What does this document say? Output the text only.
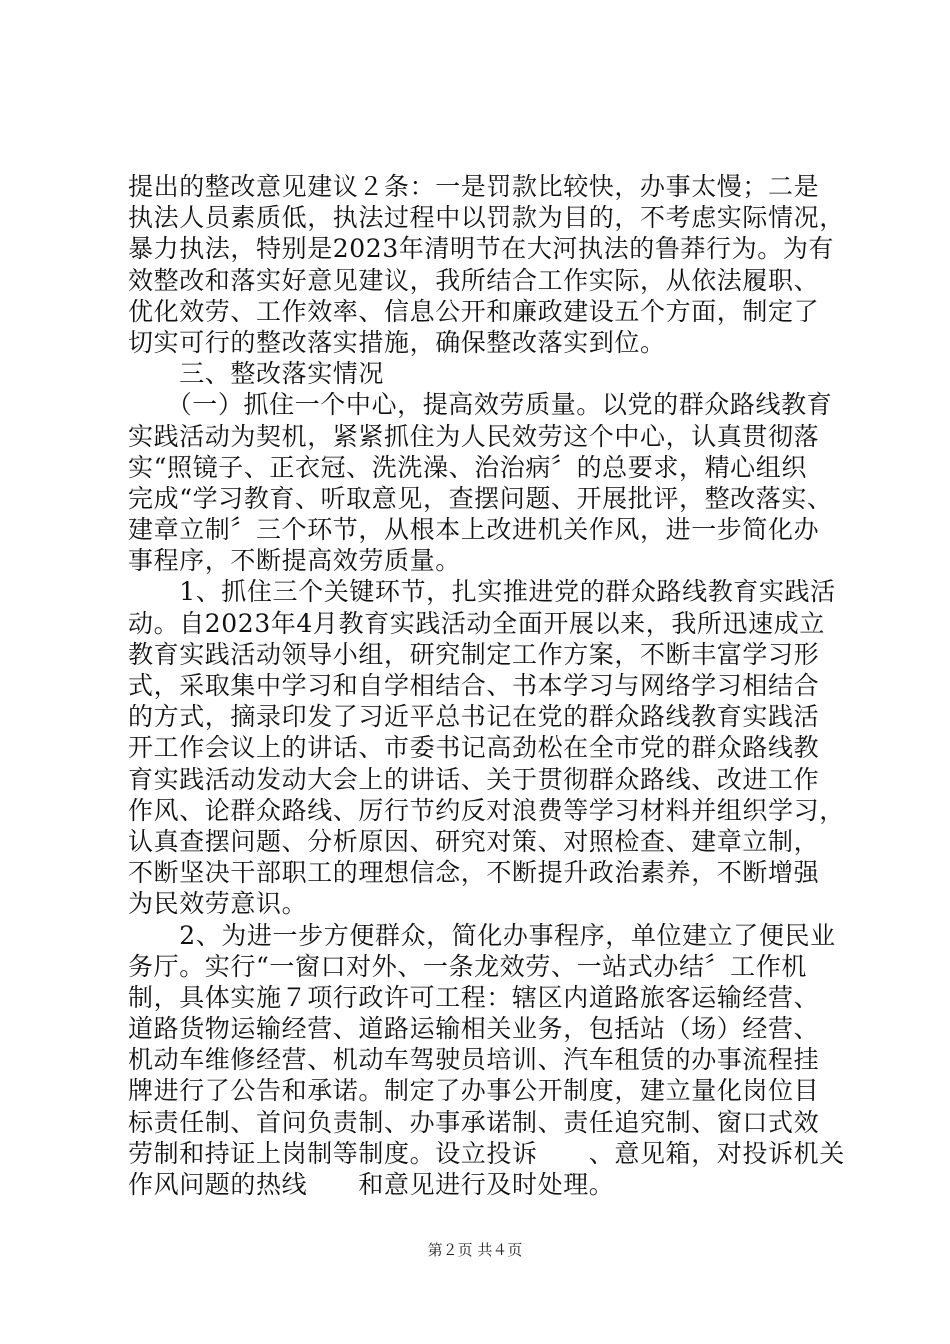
提出的整改意见建议２条：一是罚款比较快，办事太慢；二是
执法人员素质低，执法过程中以罚款为目的，不考虑实际情况，
暴力执法，特别是2023年清明节在大河执法的鲁莽行为。为有
效整改和落实好意见建议，我所结合工作实际，从依法履职、
优化效劳、工作效率、信息公开和廉政建设五个方面，制定了
切实可行的整改落实措施，确保整改落实到位。
　　三、整改落实情况
　　（一）抓住一个中心，提高效劳质量。以党的群众路线教育
实践活动为契机，紧紧抓住为人民效劳这个中心，认真贯彻落
实“照镜子、正衣冠、洗洗澡、治治病〞的总要求，精心组织
完成“学习教育、听取意见，查摆问题、开展批评，整改落实、
建章立制〞三个环节，从根本上改进机关作风，进一步简化办
事程序，不断提高效劳质量。
　　1、抓住三个关键环节，扎实推进党的群众路线教育实践活
动。自2023年4月教育实践活动全面开展以来，我所迅速成立
教育实践活动领导小组，研究制定工作方案，不断丰富学习形
式，采取集中学习和自学相结合、书本学习与网络学习相结合
的方式，摘录印发了习近平总书记在党的群众路线教育实践活
开工作会议上的讲话、市委书记高劲松在全市党的群众路线教
育实践活动发动大会上的讲话、关于贯彻群众路线、改进工作
作风、论群众路线、厉行节约反对浪费等学习材料并组织学习，
认真查摆问题、分析原因、研究对策、对照检查、建章立制，
不断坚决干部职工的理想信念，不断提升政治素养，不断增强
为民效劳意识。
　　2、为进一步方便群众，简化办事程序，单位建立了便民业
务厅。实行“一窗口对外、一条龙效劳、一站式办结〞工作机
制，具体实施７项行政许可工程：辖区内道路旅客运输经营、
道路货物运输经营、道路运输相关业务，包括站（场）经营、
机动车维修经营、机动车驾驶员培训、汽车租赁的办事流程挂
牌进行了公告和承诺。制定了办事公开制度，建立量化岗位目
标责任制、首问负责制、办事承诺制、责任追究制、窗口式效
劳制和持证上岗制等制度。设立投诉　　、意见箱，对投诉机关
作风问题的热线　　和意见进行及时处理。
第２页 共４页
